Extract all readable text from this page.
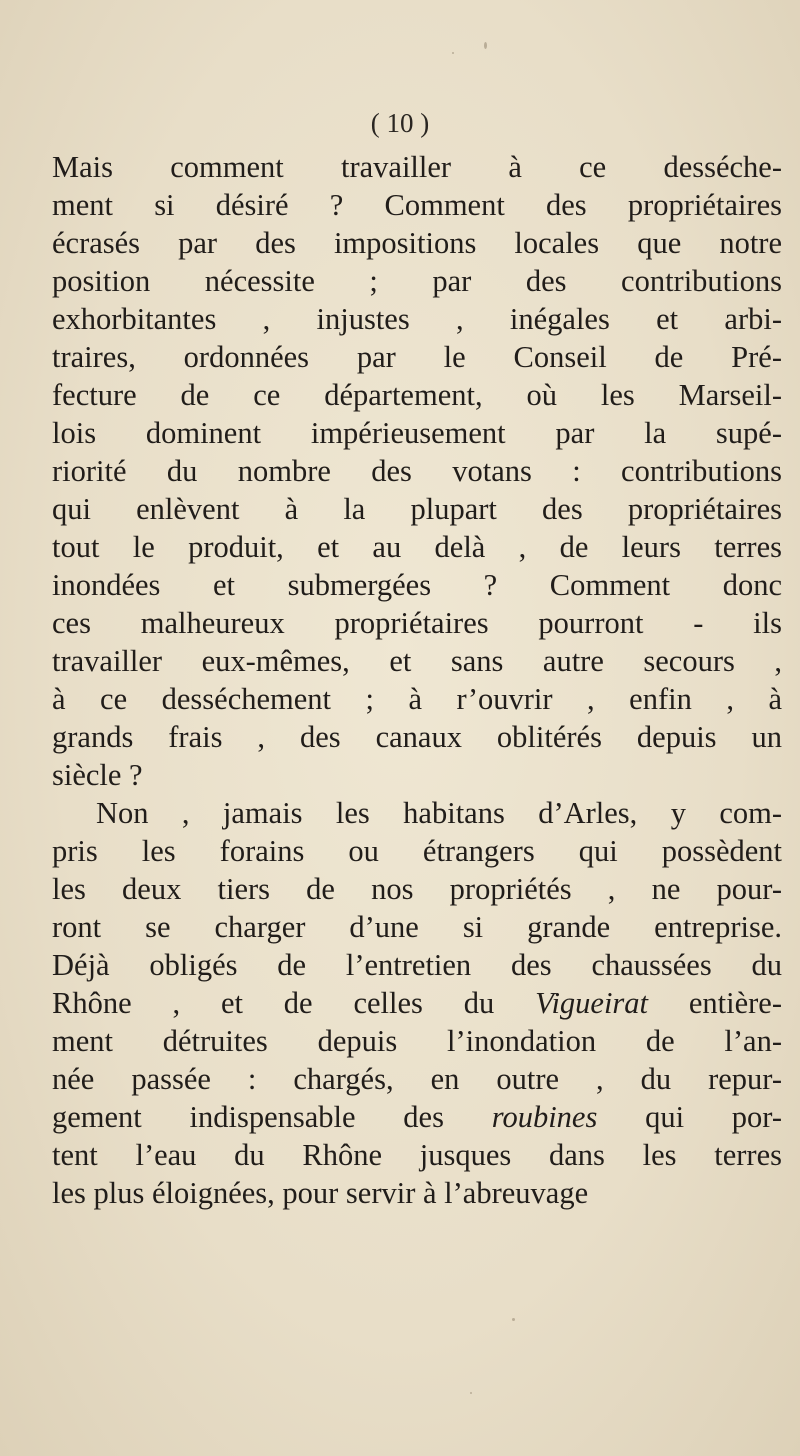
( 10 )

Mais comment travailler à ce desséche-
ment si désiré ? Comment des propriétaires
écrasés par des impositions locales que notre
position nécessite ; par des contributions
exhorbitantes , injustes , inégales et arbi-
traires, ordonnées par le Conseil de Pré-
fecture de ce département, où les Marseil-
lois dominent impérieusement par la supé-
riorité du nombre des votans : contributions
qui enlèvent à la plupart des propriétaires
tout le produit, et au delà , de leurs terres
inondées et submergées ? Comment donc
ces malheureux propriétaires pourront - ils
travailler eux-mêmes, et sans autre secours ,
à ce desséchement ; à r’ouvrir , enfin , à
grands frais , des canaux oblitérés depuis un
siècle ?
Non , jamais les habitans d’Arles, y com-
pris les forains ou étrangers qui possèdent
les deux tiers de nos propriétés , ne pour-
ront se charger d’une si grande entreprise.
Déjà obligés de l’entretien des chaussées du
Rhône , et de celles du Vigueirat entière-
ment détruites depuis l’inondation de l’an-
née passée : chargés, en outre , du repur-
gement indispensable des roubines qui por-
tent l’eau du Rhône jusques dans les terres
les plus éloignées, pour servir à l’abreuvage
